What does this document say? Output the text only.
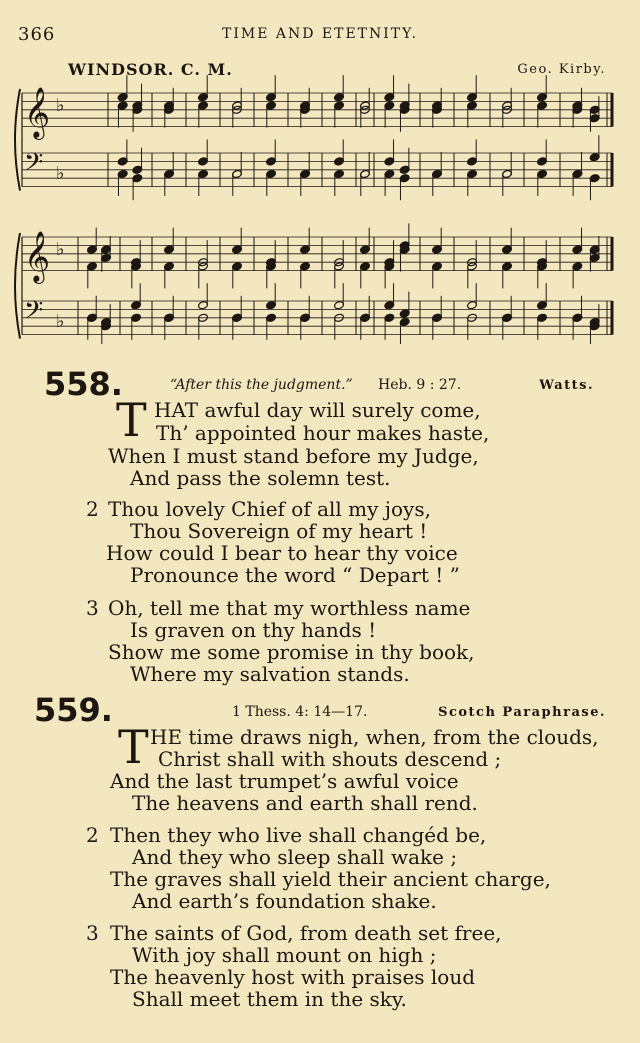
366	TIME AND ETETNITY.
WINDSOR. C. M.	Geo. Kirby.
𝄞 ♭
𝄢 ♭
𝄞 ♭
𝄢 ♭
558.	“After this the judgment.” Heb. 9 : 27.	Watts.
T HAT awful day will surely come,
Th’ appointed hour makes haste,
When I must stand before my Judge,
And pass the solemn test.
2 Thou lovely Chief of all my joys,
Thou Sovereign of my heart !
How could I bear to hear thy voice
Pronounce the word “ Depart ! ”
3 Oh, tell me that my worthless name
Is graven on thy hands !
Show me some promise in thy book,
Where my salvation stands.
559.	1 Thess. 4: 14—17.	Scotch Paraphrase.
T HE time draws nigh, when, from the clouds,
Christ shall with shouts descend ;
And the last trumpet’s awful voice
The heavens and earth shall rend.
2 Then they who live shall changéd be,
And they who sleep shall wake ;
The graves shall yield their ancient charge,
And earth’s foundation shake.
3 The saints of God, from death set free,
With joy shall mount on high ;
The heavenly host with praises loud
Shall meet them in the sky.
